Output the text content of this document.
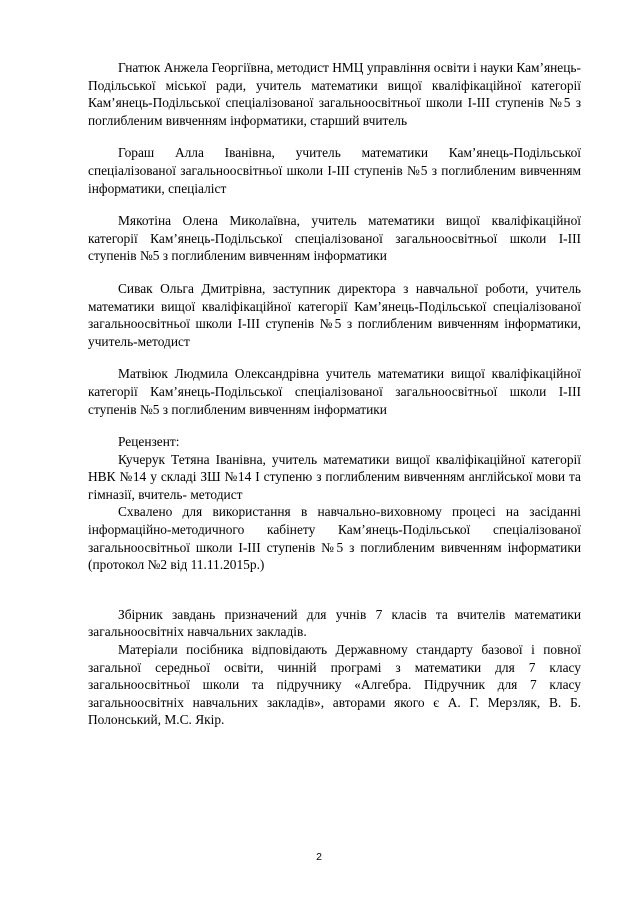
Гнатюк Анжела Георгіївна, методист НМЦ управління освіти і науки Кам’янець-Подільської міської ради, учитель математики вищої кваліфікаційної категорії Кам’янець-Подільської спеціалізованої загальноосвітньої школи І-ІІІ ступенів №5 з поглибленим вивченням інформатики, старший вчитель

Гораш Алла Іванівна, учитель математики Кам’янець-Подільської спеціалізованої загальноосвітньої школи І-ІІІ ступенів №5 з поглибленим вивченням інформатики, спеціаліст

Мякотіна Олена Миколаївна, учитель математики вищої кваліфікаційної категорії Кам’янець-Подільської спеціалізованої загальноосвітньої школи І-ІІІ ступенів №5 з поглибленим вивченням інформатики

Сивак Ольга Дмитрівна, заступник директора з навчальної роботи, учитель математики вищої кваліфікаційної категорії Кам’янець-Подільської спеціалізованої загальноосвітньої школи І-ІІІ ступенів №5 з поглибленим вивченням інформатики, учитель-методист

Матвіюк Людмила Олександрівна учитель математики вищої кваліфікаційної категорії Кам’янець-Подільської спеціалізованої загальноосвітньої школи І-ІІІ ступенів №5 з поглибленим вивченням інформатики

Рецензент:

Кучерук Тетяна Іванівна, учитель математики вищої кваліфікаційної категорії НВК №14 у складі ЗШ №14 І ступеню з поглибленим вивченням англійської мови та гімназії, вчитель- методист

Схвалено для використання в навчально-виховному процесі на засіданні інформаційно-методичного кабінету Кам’янець-Подільської спеціалізованої загальноосвітньої школи І-ІІІ ступенів №5 з поглибленим вивченням інформатики (протокол №2 від 11.11.2015р.)

Збірник завдань призначений для учнів 7 класів та вчителів математики загальноосвітніх навчальних закладів.

Матеріали посібника відповідають Державному стандарту базової і повної загальної середньої освіти, чинній програмі з математики для 7 класу загальноосвітньої школи та підручнику «Алгебра. Підручник для 7 класу загальноосвітніх навчальних закладів», авторами якого є А. Г. Мерзляк, В. Б. Полонський, М.С. Якір.

2
